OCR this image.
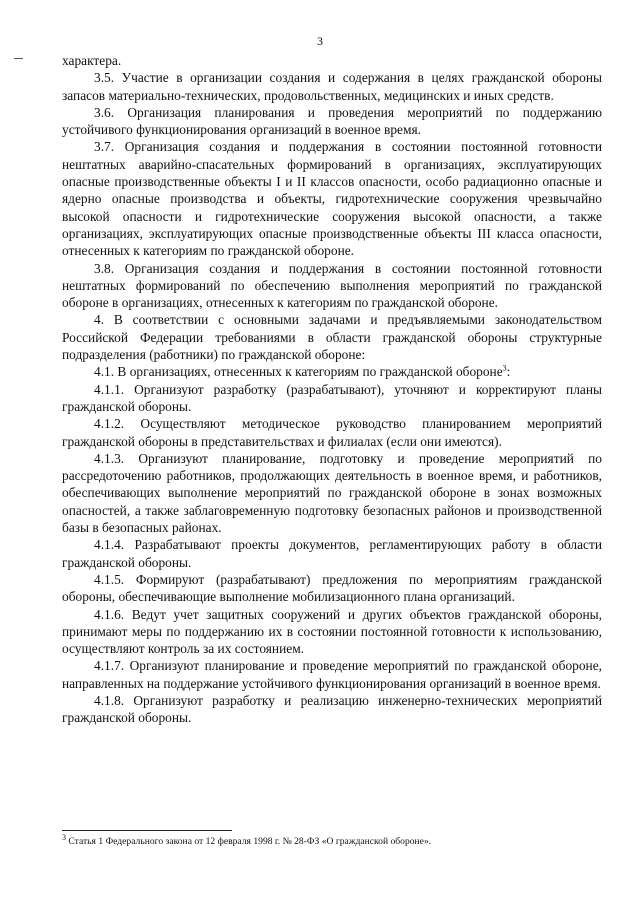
3

характера.

3.5. Участие в организации создания и содержания в целях гражданской обороны запасов материально-технических, продовольственных, медицинских и иных средств.

3.6. Организация планирования и проведения мероприятий по поддержанию устойчивого функционирования организаций в военное время.

3.7. Организация создания и поддержания в состоянии постоянной готовности нештатных аварийно-спасательных формирований в организациях, эксплуатирующих опасные производственные объекты I и II классов опасности, особо радиационно опасные и ядерно опасные производства и объекты, гидротехнические сооружения чрезвычайно высокой опасности и гидротехнические сооружения высокой опасности, а также организациях, эксплуатирующих опасные производственные объекты III класса опасности, отнесенных к категориям по гражданской обороне.

3.8. Организация создания и поддержания в состоянии постоянной готовности нештатных формирований по обеспечению выполнения мероприятий по гражданской обороне в организациях, отнесенных к категориям по гражданской обороне.

4. В соответствии с основными задачами и предъявляемыми законодательством Российской Федерации требованиями в области гражданской обороны структурные подразделения (работники) по гражданской обороне:

4.1. В организациях, отнесенных к категориям по гражданской обороне$^3$:

4.1.1. Организуют разработку (разрабатывают), уточняют и корректируют планы гражданской обороны.

4.1.2. Осуществляют методическое руководство планированием мероприятий гражданской обороны в представительствах и филиалах (если они имеются).

4.1.3. Организуют планирование, подготовку и проведение мероприятий по рассредоточению работников, продолжающих деятельность в военное время, и работников, обеспечивающих выполнение мероприятий по гражданской обороне в зонах возможных опасностей, а также заблаговременную подготовку безопасных районов и производственной базы в безопасных районах.

4.1.4. Разрабатывают проекты документов, регламентирующих работу в области гражданской обороны.

4.1.5. Формируют (разрабатывают) предложения по мероприятиям гражданской обороны, обеспечивающие выполнение мобилизационного плана организаций.

4.1.6. Ведут учет защитных сооружений и других объектов гражданской обороны, принимают меры по поддержанию их в состоянии постоянной готовности к использованию, осуществляют контроль за их состоянием.

4.1.7. Организуют планирование и проведение мероприятий по гражданской обороне, направленных на поддержание устойчивого функционирования организаций в военное время.

4.1.8. Организуют разработку и реализацию инженерно-технических мероприятий гражданской обороны.

$^3$ Статья 1 Федерального закона от 12 февраля 1998 г. № 28-ФЗ «О гражданской обороне».
